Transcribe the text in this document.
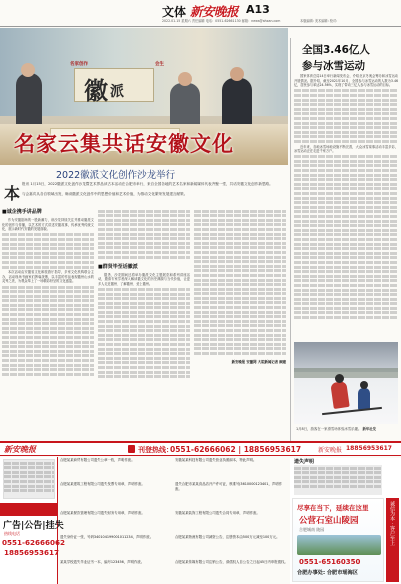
文体 新安晚报 A13
2022.01.15 星期六 责任编辑 电话：0551-62661130 邮箱：news@ahxan.com	本版编辑: 美术编辑: 校对:
徽 派
名家创作	会生
名家云集共话安徽文化
2022徽派文化创作沙龙举行
本 报讯 1月15日，2022徽派文化创作沙龙暨艺术界品读古本活动在合肥市举行，来自全国各地的艺术名家和新闻媒体代表齐聚一堂，共话安徽文化创作新思路。
与会嘉宾从各自领域出发，畅谈徽派文化创作中的思想价值和艺术价值，为推动文化繁荣发展建言献策。
■诚企携手讲品牌

作为安徽剧场的一股新潮力，该沙龙持续关注并推动徽派文化的创作与传播，以艺术的方式讲述安徽故事，传承优秀传统文化，展示新时代安徽的发展面貌。

本次活动由安徽省文化和旅游厅指导，多家文化机构联合主办，活动现场书画家们挥毫泼墨，以丰富的作品表现徽州山水的灵秀之美，为观众奉上了一场精彩纷呈的文化盛宴。

■群贤毕至话徽派

据悉，沙龙期间还将举办徽派文化主题展览和系列讲座活动，邀请专家学者深入解读徽文化的历史渊源与当代价值，让更多人走近徽州、了解徽州、爱上徽州。

新安晚报 安徽网 大皖新闻记者 顾建
全国3.46亿人
参与冰雪运动

国家体育总局14日举行新闻发布会，介绍北京冬奥会筹办和冰雪运动开展情况。据介绍，截至2021年10月，全国参与冰雪运动的人数为3.46亿，居民参与率达24.56%，实现了带动三亿人参与冰雪运动的目标。

近年来，各地冰雪场地设施不断完善，大众冰雪赛事活动丰富多彩，冰雪运动正在走进千家万户。

1月8日，游客在一家滑雪场体验冰雪乐趣。 新华社发
新安晚报	刊登热线：
0551-62666062 | 18856953617	新安晚报 18856953617
广告|公告|挂失
热线电话
0551-62666062
18856953617
合肥某某商贸有限公司遗失公章一枚，声明作废。	安徽某某科技有限公司遗失营业执照副本，特此声明。
合肥某某建筑工程有限公司遗失发票专用章，声明作废。	遗失合肥市某某食品店开户许可证，核准号J3610000123401，声明作废。
合肥某某餐饮管理有限公司遗失财务专用章，声明作废。	安徽某某装饰工程有限公司遗失合同专用章，声明作废。
遗失身份证一张，号码340104199001011234，声明作废。	合肥某某物流有限公司减资公告，注册资本由500万元减至100万元。
某某学校遗失毕业证书一本，编号123456，声明作废。	合肥某某传媒有限公司注销公告，请债权人自公告之日起45日内申报债权。
遗失声明
尽享在当下，延续在这里
公营石室山陵园
合肥城南 陵园
0551-65160350
合肥办事处: 合肥市瑶海区
诚信为本 · 客户至上
